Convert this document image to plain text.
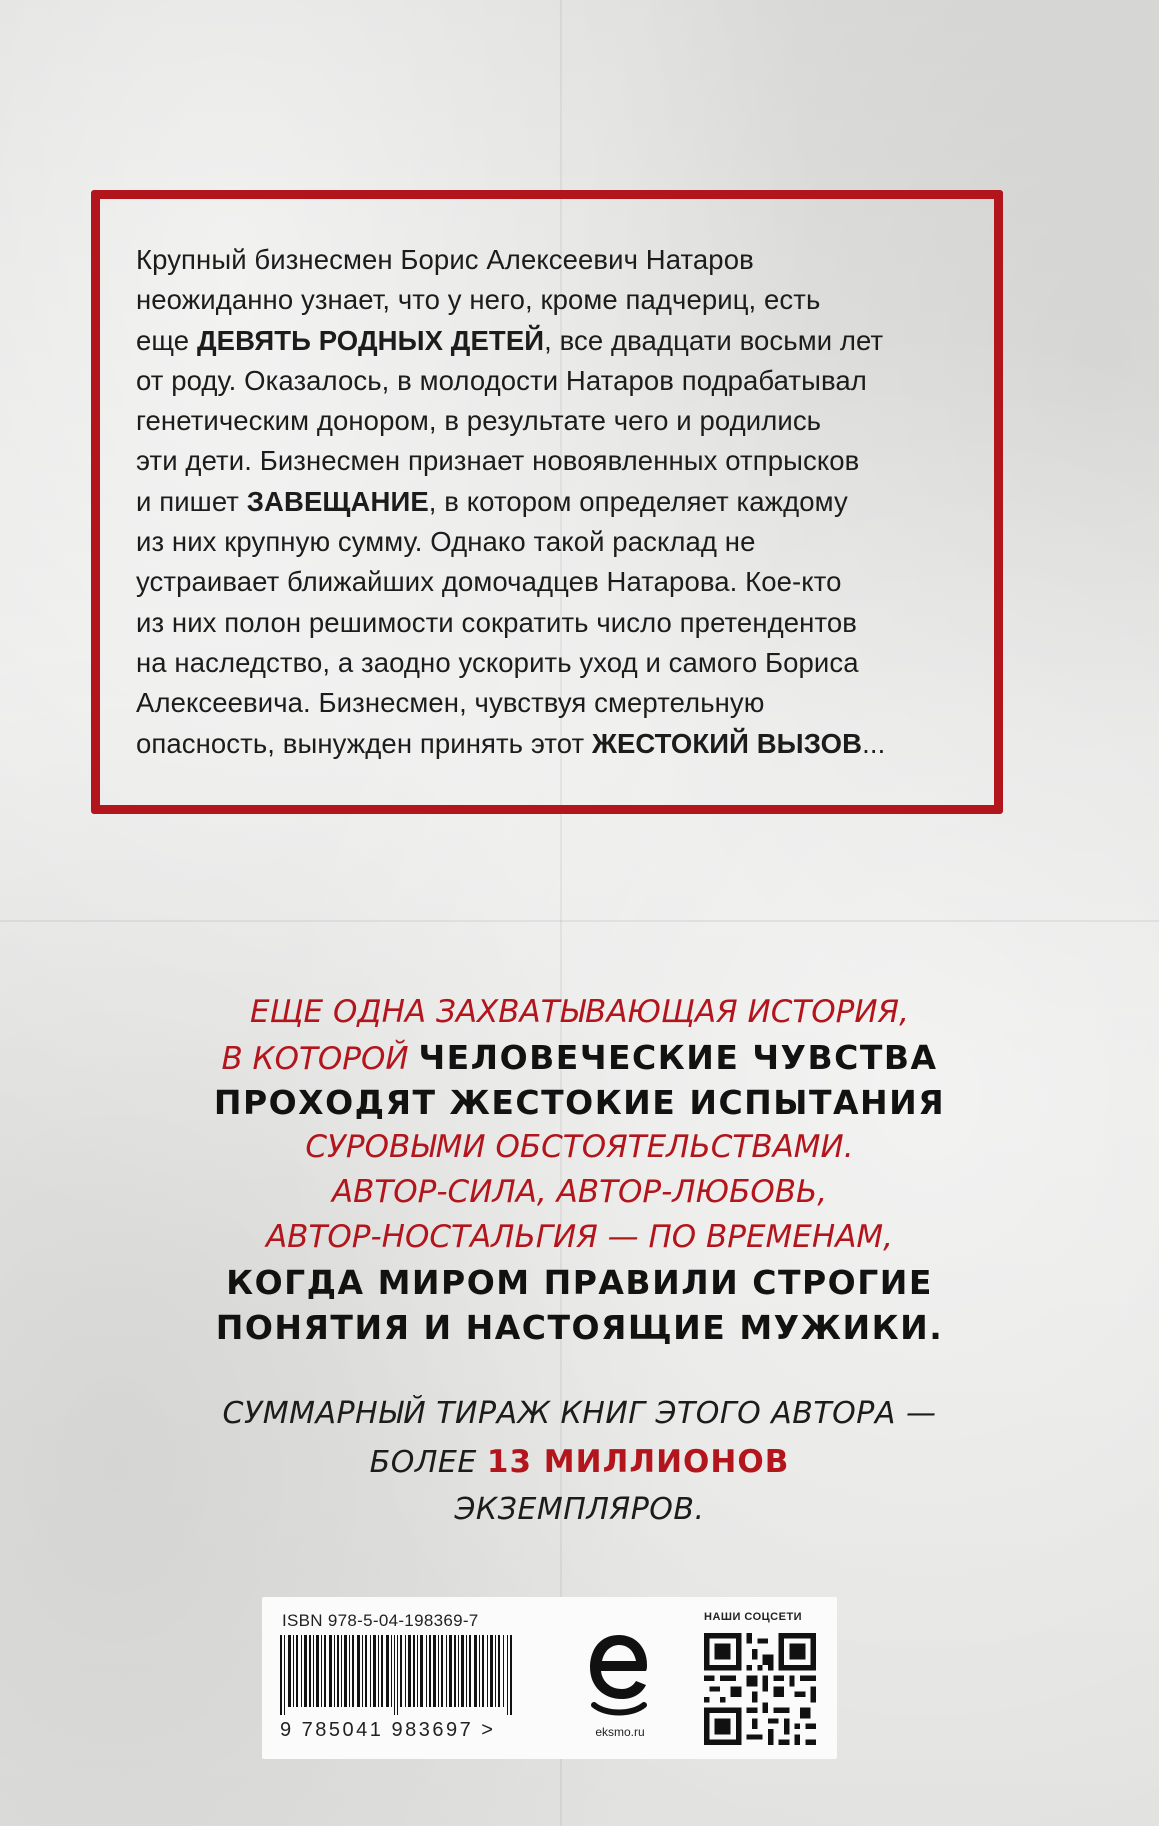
Крупный бизнесмен Борис Алексеевич Натаров

неожиданно узнает, что у него, кроме падчериц, есть

еще ДЕВЯТЬ РОДНЫХ ДЕТЕЙ, все двадцати восьми лет

от роду. Оказалось, в молодости Натаров подрабатывал

генетическим донором, в результате чего и родились

эти дети. Бизнесмен признает новоявленных отпрысков

и пишет ЗАВЕЩАНИЕ, в котором определяет каждому

из них крупную сумму. Однако такой расклад не

устраивает ближайших домочадцев Натарова. Кое-кто

из них полон решимости сократить число претендентов

на наследство, а заодно ускорить уход и самого Бориса

Алексеевича. Бизнесмен, чувствуя смертельную

опасность, вынужден принять этот ЖЕСТОКИЙ ВЫЗОВ...

ЕЩЕ ОДНА ЗАХВАТЫВАЮЩАЯ ИСТОРИЯ,
В КОТОРОЙ ЧЕЛОВЕЧЕСКИЕ ЧУВСТВА
ПРОХОДЯТ ЖЕСТОКИЕ ИСПЫТАНИЯ
СУРОВЫМИ ОБСТОЯТЕЛЬСТВАМИ.
АВТОР-СИЛА, АВТОР-ЛЮБОВЬ,
АВТОР-НОСТАЛЬГИЯ — ПО ВРЕМЕНАМ,
КОГДА МИРОМ ПРАВИЛИ СТРОГИЕ
ПОНЯТИЯ И НАСТОЯЩИЕ МУЖИКИ.
СУММАРНЫЙ ТИРАЖ КНИГ ЭТОГО АВТОРА —
БОЛЕЕ 13 МИЛЛИОНОВ
ЭКЗЕМПЛЯРОВ.
ISBN 978-5-04-198369-7
9 785041 983697 >	eksmo.ru
НАШИ СОЦСЕТИ
